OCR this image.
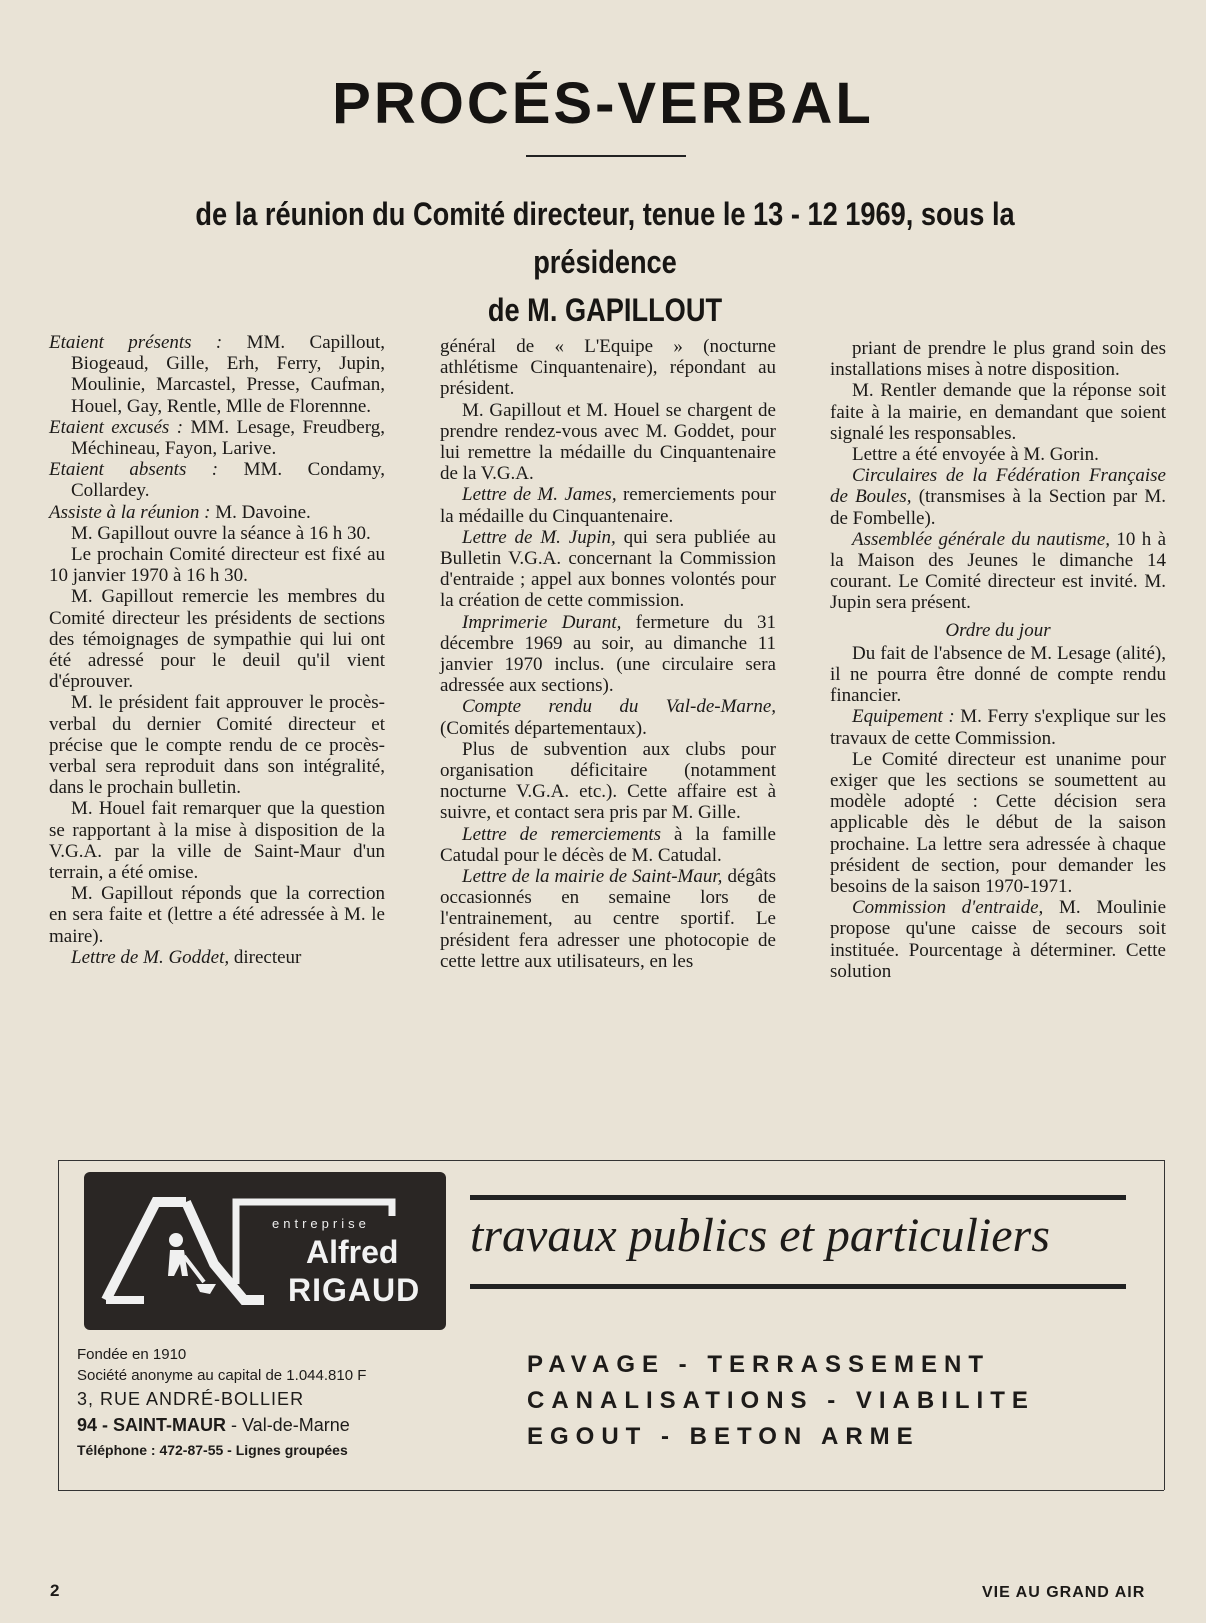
PROCÉS-VERBAL
de la réunion du Comité directeur, tenue le 13 - 12 1969, sous la présidence
de M. GAPILLOUT

Etaient présents : MM. Capillout, Biogeaud, Gille, Erh, Ferry, Jupin, Moulinie, Marcastel, Presse, Caufman, Houel, Gay, Rentle, Mlle de Florennne.

Etaient excusés : MM. Lesage, Freudberg, Méchineau, Fayon, Larive.

Etaient absents : MM. Condamy, Collardey.

Assiste à la réunion : M. Davoine.

M. Gapillout ouvre la séance à 16 h 30.

Le prochain Comité directeur est fixé au 10 janvier 1970 à 16 h 30.

M. Gapillout remercie les membres du Comité directeur les présidents de sections des témoignages de sympathie qui lui ont été adressé pour le deuil qu'il vient d'éprouver.

M. le président fait approuver le procès-verbal du dernier Comité directeur et précise que le compte rendu de ce procès-verbal sera reproduit dans son intégralité, dans le prochain bulletin.

M. Houel fait remarquer que la question se rapportant à la mise à disposition de la V.G.A. par la ville de Saint-Maur d'un terrain, a été omise.

M. Gapillout réponds que la correction en sera faite et (lettre a été adressée à M. le maire).

Lettre de M. Goddet, directeur

général de « L'Equipe » (nocturne athlétisme Cinquantenaire), répondant au président.

M. Gapillout et M. Houel se chargent de prendre rendez-vous avec M. Goddet, pour lui remettre la médaille du Cinquantenaire de la V.G.A.

Lettre de M. James, remerciements pour la médaille du Cinquantenaire.

Lettre de M. Jupin, qui sera publiée au Bulletin V.G.A. concernant la Commission d'entraide ; appel aux bonnes volontés pour la création de cette commission.

Imprimerie Durant, fermeture du 31 décembre 1969 au soir, au dimanche 11 janvier 1970 inclus. (une circulaire sera adressée aux sections).

Compte rendu du Val-de-Marne, (Comités départementaux).

Plus de subvention aux clubs pour organisation déficitaire (notamment nocturne V.G.A. etc.). Cette affaire est à suivre, et contact sera pris par M. Gille.

Lettre de remerciements à la famille Catudal pour le décès de M. Catudal.

Lettre de la mairie de Saint-Maur, dégâts occasionnés en semaine lors de l'entrainement, au centre sportif. Le président fera adresser une photocopie de cette lettre aux utilisateurs, en les

priant de prendre le plus grand soin des installations mises à notre disposition.

M. Rentler demande que la réponse soit faite à la mairie, en demandant que soient signalé les responsables.

Lettre a été envoyée à M. Gorin.

Circulaires de la Fédération Française de Boules, (transmises à la Section par M. de Fombelle).

Assemblée générale du nautisme, 10 h à la Maison des Jeunes le dimanche 14 courant. Le Comité directeur est invité. M. Jupin sera présent.

Ordre du jour

Du fait de l'absence de M. Lesage (alité), il ne pourra être donné de compte rendu financier.

Equipement : M. Ferry s'explique sur les travaux de cette Commission.

Le Comité directeur est unanime pour exiger que les sections se soumettent au modèle adopté : Cette décision sera applicable dès le début de la saison prochaine. La lettre sera adressée à chaque président de section, pour demander les besoins de la saison 1970-1971.

Commission d'entraide, M. Moulinie propose qu'une caisse de secours soit instituée. Pourcentage à déterminer. Cette solution

entreprise
Alfred
RIGAUD
travaux publics et particuliers
Fondée en 1910
Société anonyme au capital de 1.044.810 F
3, RUE ANDRÉ-BOLLIER
94 - SAINT-MAUR - Val-de-Marne
Téléphone : 472-87-55 - Lignes groupées
PAVAGE - TERRASSEMENT
CANALISATIONS - VIABILITE
EGOUT - BETON ARME
2	VIE AU GRAND AIR
